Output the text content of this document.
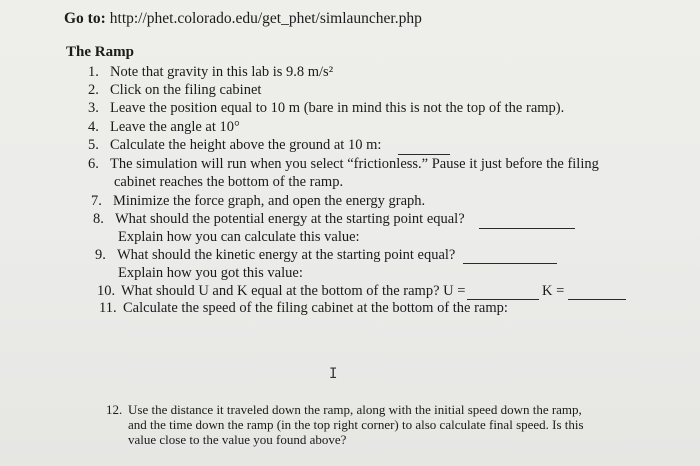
Go to: http://phet.colorado.edu/get_phet/simlauncher.php
The Ramp
1. Note that gravity in this lab is 9.8 m/s²
2. Click on the filing cabinet
3. Leave the position equal to 10 m (bare in mind this is not the top of the ramp).
4. Leave the angle at 10°
5. Calculate the height above the ground at 10 m:
6. The simulation will run when you select “frictionless.” Pause it just before the filing
cabinet reaches the bottom of the ramp.
7. Minimize the force graph, and open the energy graph.
8. What should the potential energy at the starting point equal?
Explain how you can calculate this value:
9. What should the kinetic energy at the starting point equal?
Explain how you got this value:
10. What should U and K equal at the bottom of the ramp? U =	K =
11. Calculate the speed of the filing cabinet at the bottom of the ramp:
I
12. Use the distance it traveled down the ramp, along with the initial speed down the ramp,
and the time down the ramp (in the top right corner) to also calculate final speed. Is this
value close to the value you found above?
